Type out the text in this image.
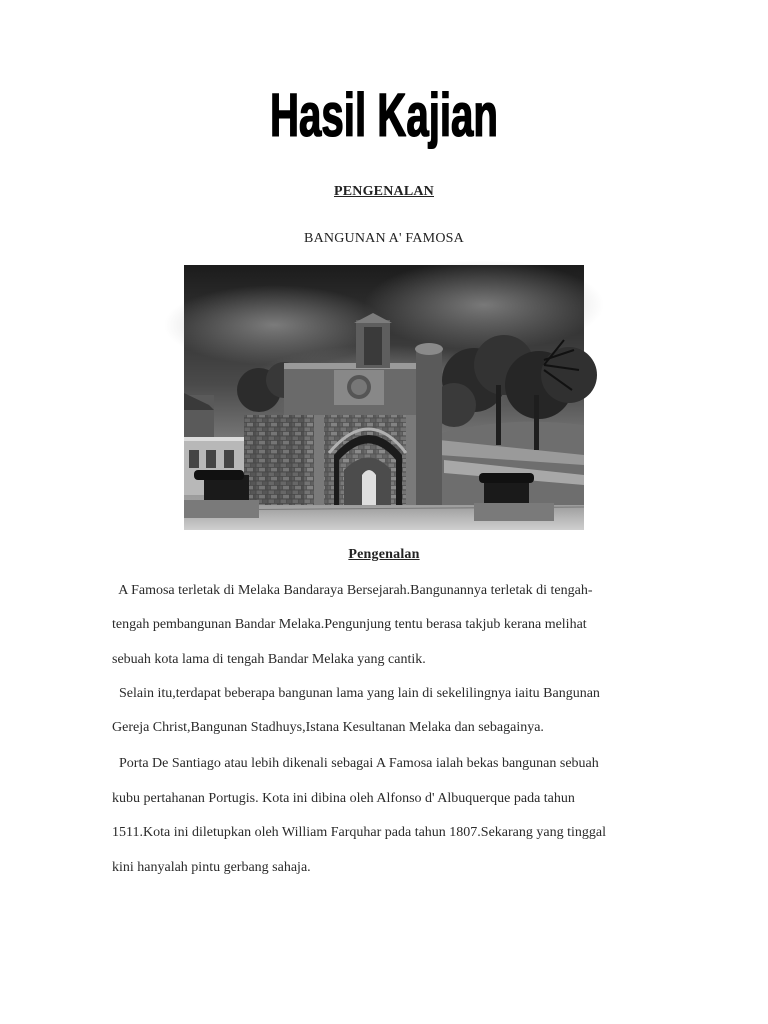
Hasil Kajian
PENGENALAN
BANGUNAN A' FAMOSA
Pengenalan
A Famosa terletak di Melaka Bandaraya Bersejarah.Bangunannya terletak di tengah-
tengah pembangunan Bandar Melaka.Pengunjung tentu berasa takjub kerana melihat
sebuah kota lama di tengah Bandar Melaka yang cantik.
Selain itu,terdapat beberapa bangunan lama yang lain di sekelilingnya iaitu Bangunan
Gereja Christ,Bangunan Stadhuys,Istana Kesultanan Melaka dan sebagainya.
Porta De Santiago atau lebih dikenali sebagai A Famosa ialah bekas bangunan sebuah
kubu pertahanan Portugis. Kota ini dibina oleh Alfonso d' Albuquerque pada tahun
1511.Kota ini diletupkan oleh William Farquhar pada tahun 1807.Sekarang yang tinggal
kini hanyalah pintu gerbang sahaja.
